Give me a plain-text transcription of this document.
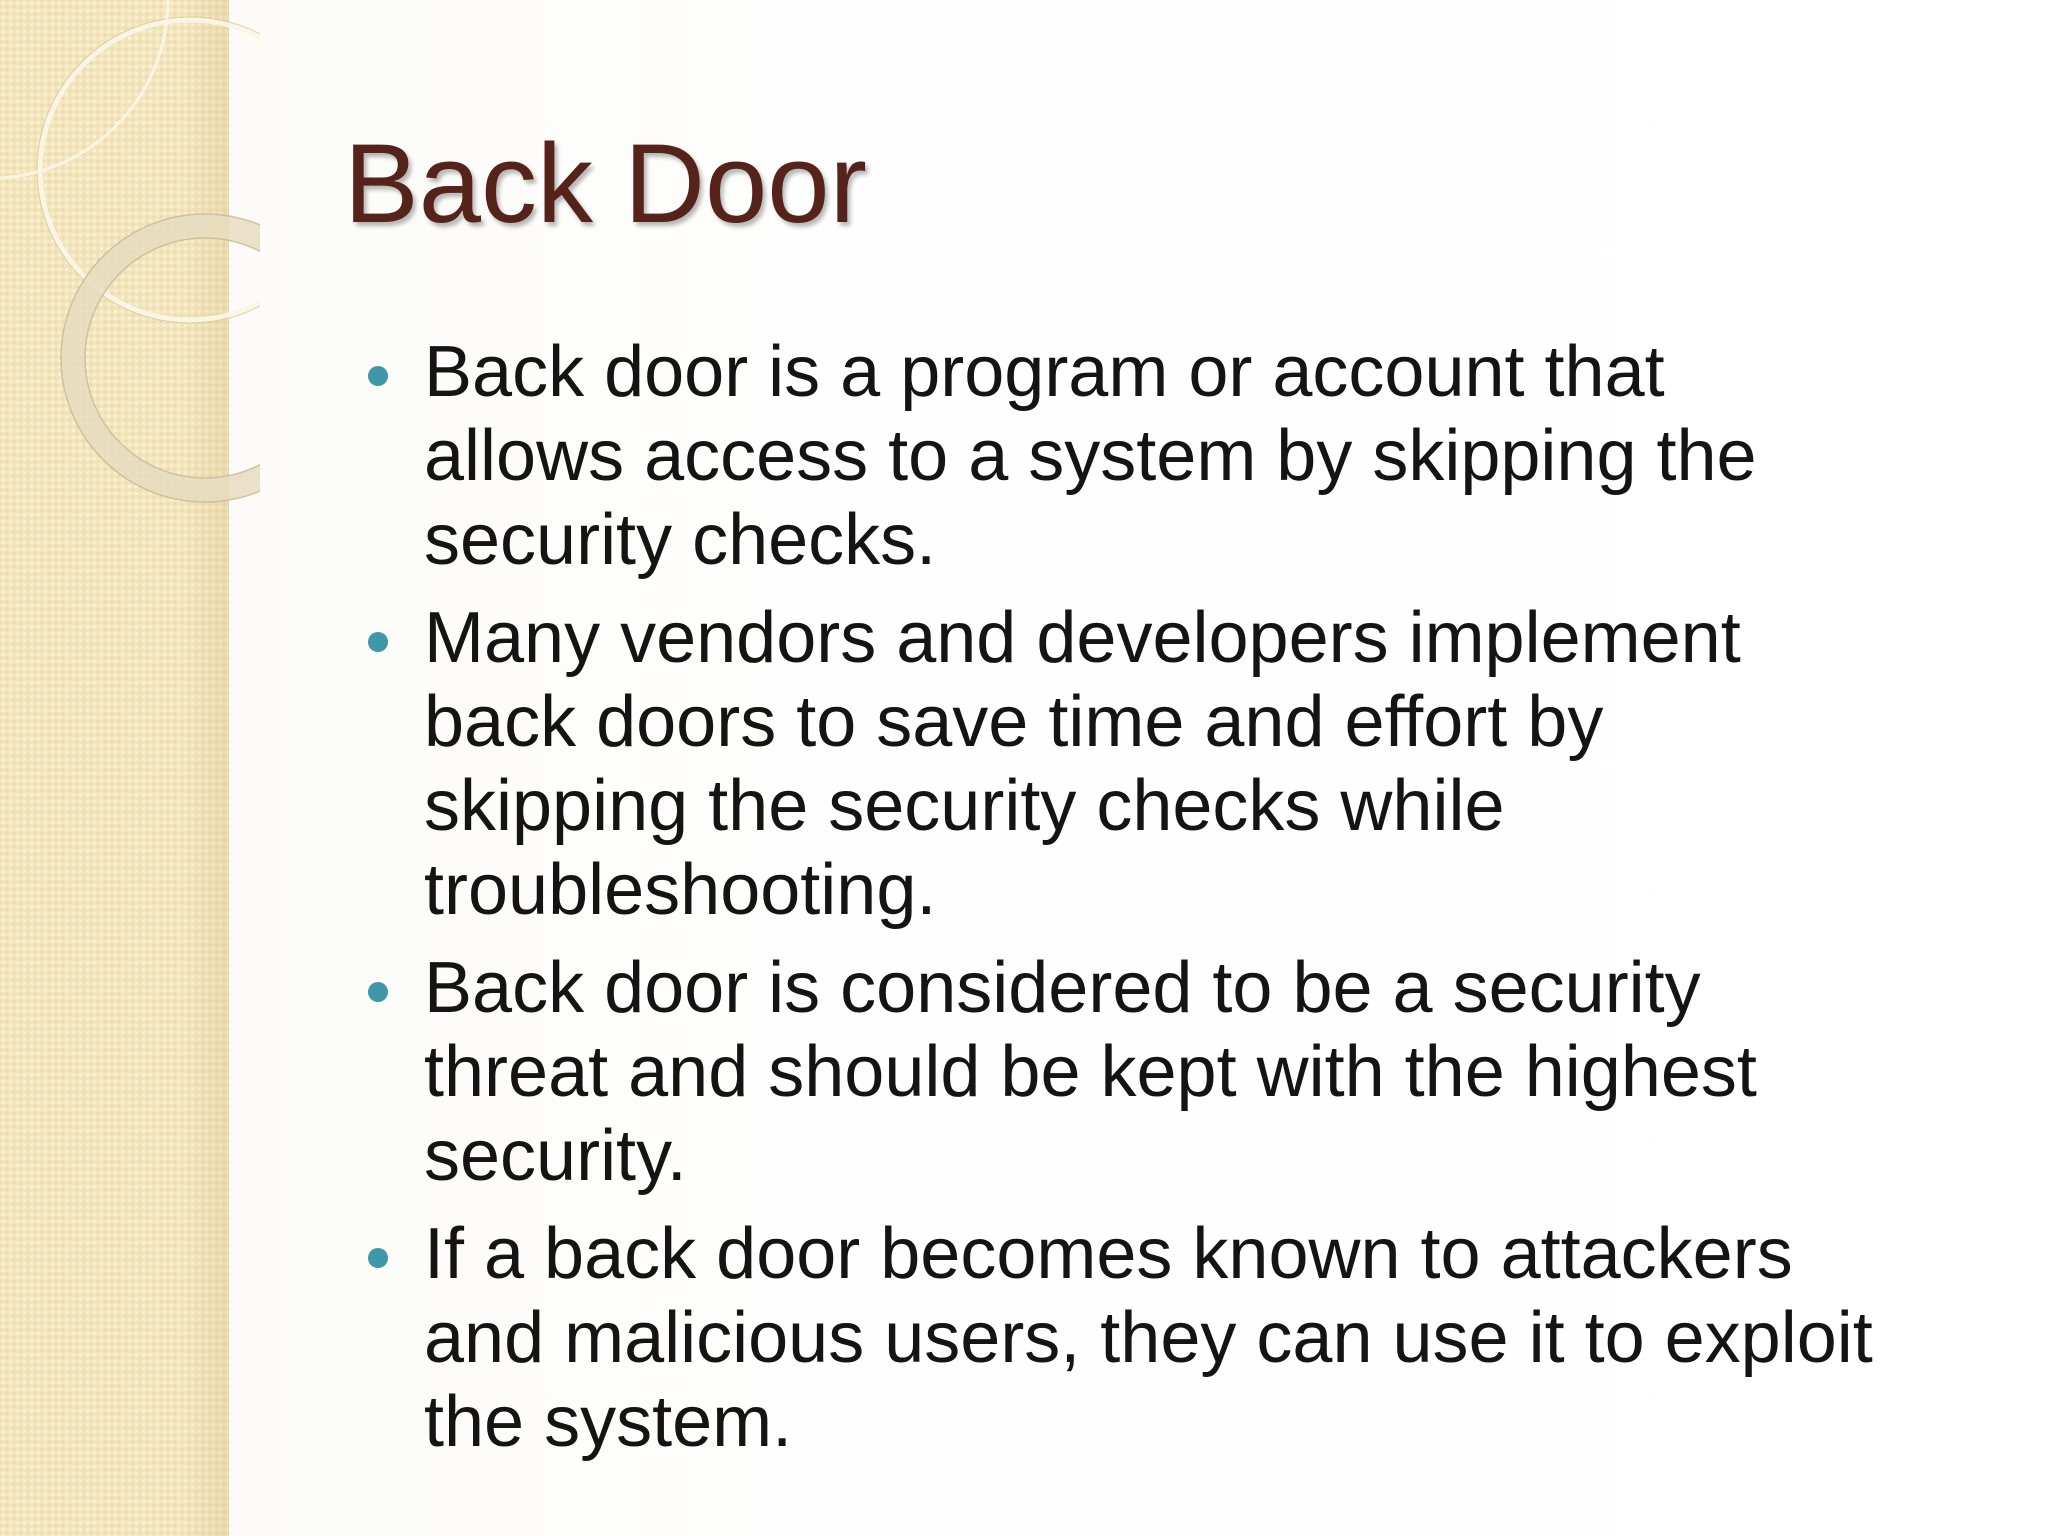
Back Door
Back door is a program or account that
allows access to a system by skipping the
security checks.
Many vendors and developers implement
back doors to save time and effort by
skipping the security checks while
troubleshooting.
Back door is considered to be a security
threat and should be kept with the highest
security.
If a back door becomes known to attackers
and malicious users, they can use it to exploit
the system.
